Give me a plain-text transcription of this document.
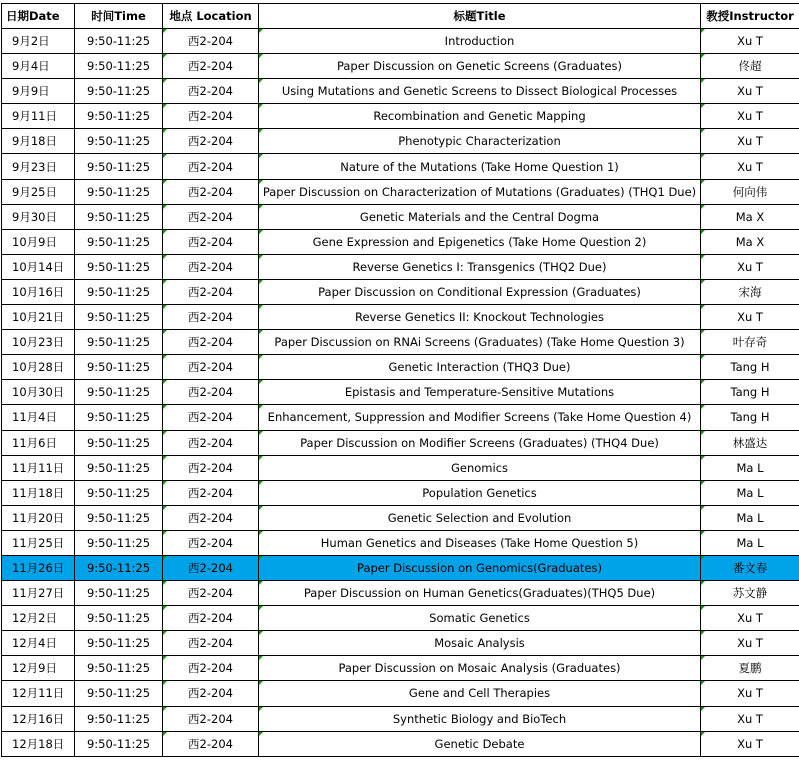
日期Date	时间Time	地点 Location	标题Title	教授Instructor
9月2日	9:50-11:25	西2-204	Introduction	Xu T

9月4日	9:50-11:25	西2-204	Paper Discussion on Genetic Screens (Graduates)	佟超

9月9日	9:50-11:25	西2-204	Using Mutations and Genetic Screens to Dissect Biological Processes	Xu T

9月11日	9:50-11:25	西2-204	Recombination and Genetic Mapping	Xu T

9月18日	9:50-11:25	西2-204	Phenotypic Characterization	Xu T

9月23日	9:50-11:25	西2-204	Nature of the Mutations (Take Home Question 1)	Xu T

9月25日	9:50-11:25	西2-204	Paper Discussion on Characterization of Mutations (Graduates) (THQ1 Due)	何向伟

9月30日	9:50-11:25	西2-204	Genetic Materials and the Central Dogma	Ma X

10月9日	9:50-11:25	西2-204	Gene Expression and Epigenetics (Take Home Question 2)	Ma X

10月14日	9:50-11:25	西2-204	Reverse Genetics I: Transgenics (THQ2 Due)	Xu T

10月16日	9:50-11:25	西2-204	Paper Discussion on Conditional Expression (Graduates)	宋海

10月21日	9:50-11:25	西2-204	Reverse Genetics II: Knockout Technologies	Xu T

10月23日	9:50-11:25	西2-204	Paper Discussion on RNAi Screens (Graduates) (Take Home Question 3)	叶存奇

10月28日	9:50-11:25	西2-204	Genetic Interaction (THQ3 Due)	Tang H

10月30日	9:50-11:25	西2-204	Epistasis and Temperature-Sensitive Mutations	Tang H

11月4日	9:50-11:25	西2-204	Enhancement, Suppression and Modifier Screens (Take Home Question 4)	Tang H

11月6日	9:50-11:25	西2-204	Paper Discussion on Modifier Screens (Graduates) (THQ4 Due)	林盛达

11月11日	9:50-11:25	西2-204	Genomics	Ma L

11月18日	9:50-11:25	西2-204	Population Genetics	Ma L

11月20日	9:50-11:25	西2-204	Genetic Selection and Evolution	Ma L

11月25日	9:50-11:25	西2-204	Human Genetics and Diseases (Take Home Question 5)	Ma L

11月26日	9:50-11:25	西2-204	Paper Discussion on Genomics(Graduates)	番文春

11月27日	9:50-11:25	西2-204	Paper Discussion on Human Genetics(Graduates)(THQ5 Due)	苏文静

12月2日	9:50-11:25	西2-204	Somatic Genetics	Xu T

12月4日	9:50-11:25	西2-204	Mosaic Analysis	Xu T

12月9日	9:50-11:25	西2-204	Paper Discussion on Mosaic Analysis (Graduates)	夏鹏

12月11日	9:50-11:25	西2-204	Gene and Cell Therapies	Xu T

12月16日	9:50-11:25	西2-204	Synthetic Biology and BioTech	Xu T

12月18日	9:50-11:25	西2-204	Genetic Debate	Xu T
